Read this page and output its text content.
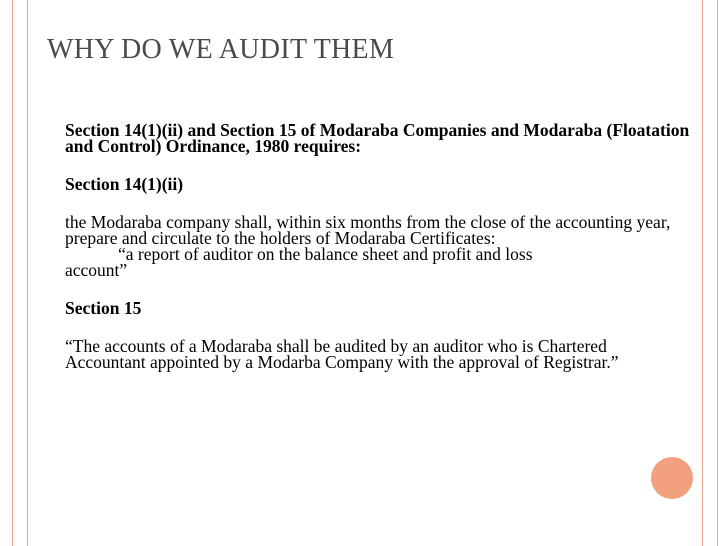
WHY DO WE AUDIT THEM

Section 14(1)(ii) and Section 15 of Modaraba Companies and Modaraba (Floatation and Control) Ordinance, 1980 requires:

Section 14(1)(ii)

the Modaraba company shall, within six months from the close of the accounting year, prepare and circulate to the holders of Modaraba Certificates:

“a report of auditor on the balance sheet and profit and loss

account”

Section 15

“The accounts of a Modaraba shall be audited by an auditor who is Chartered Accountant appointed by a Modarba Company with the approval of Registrar.”
